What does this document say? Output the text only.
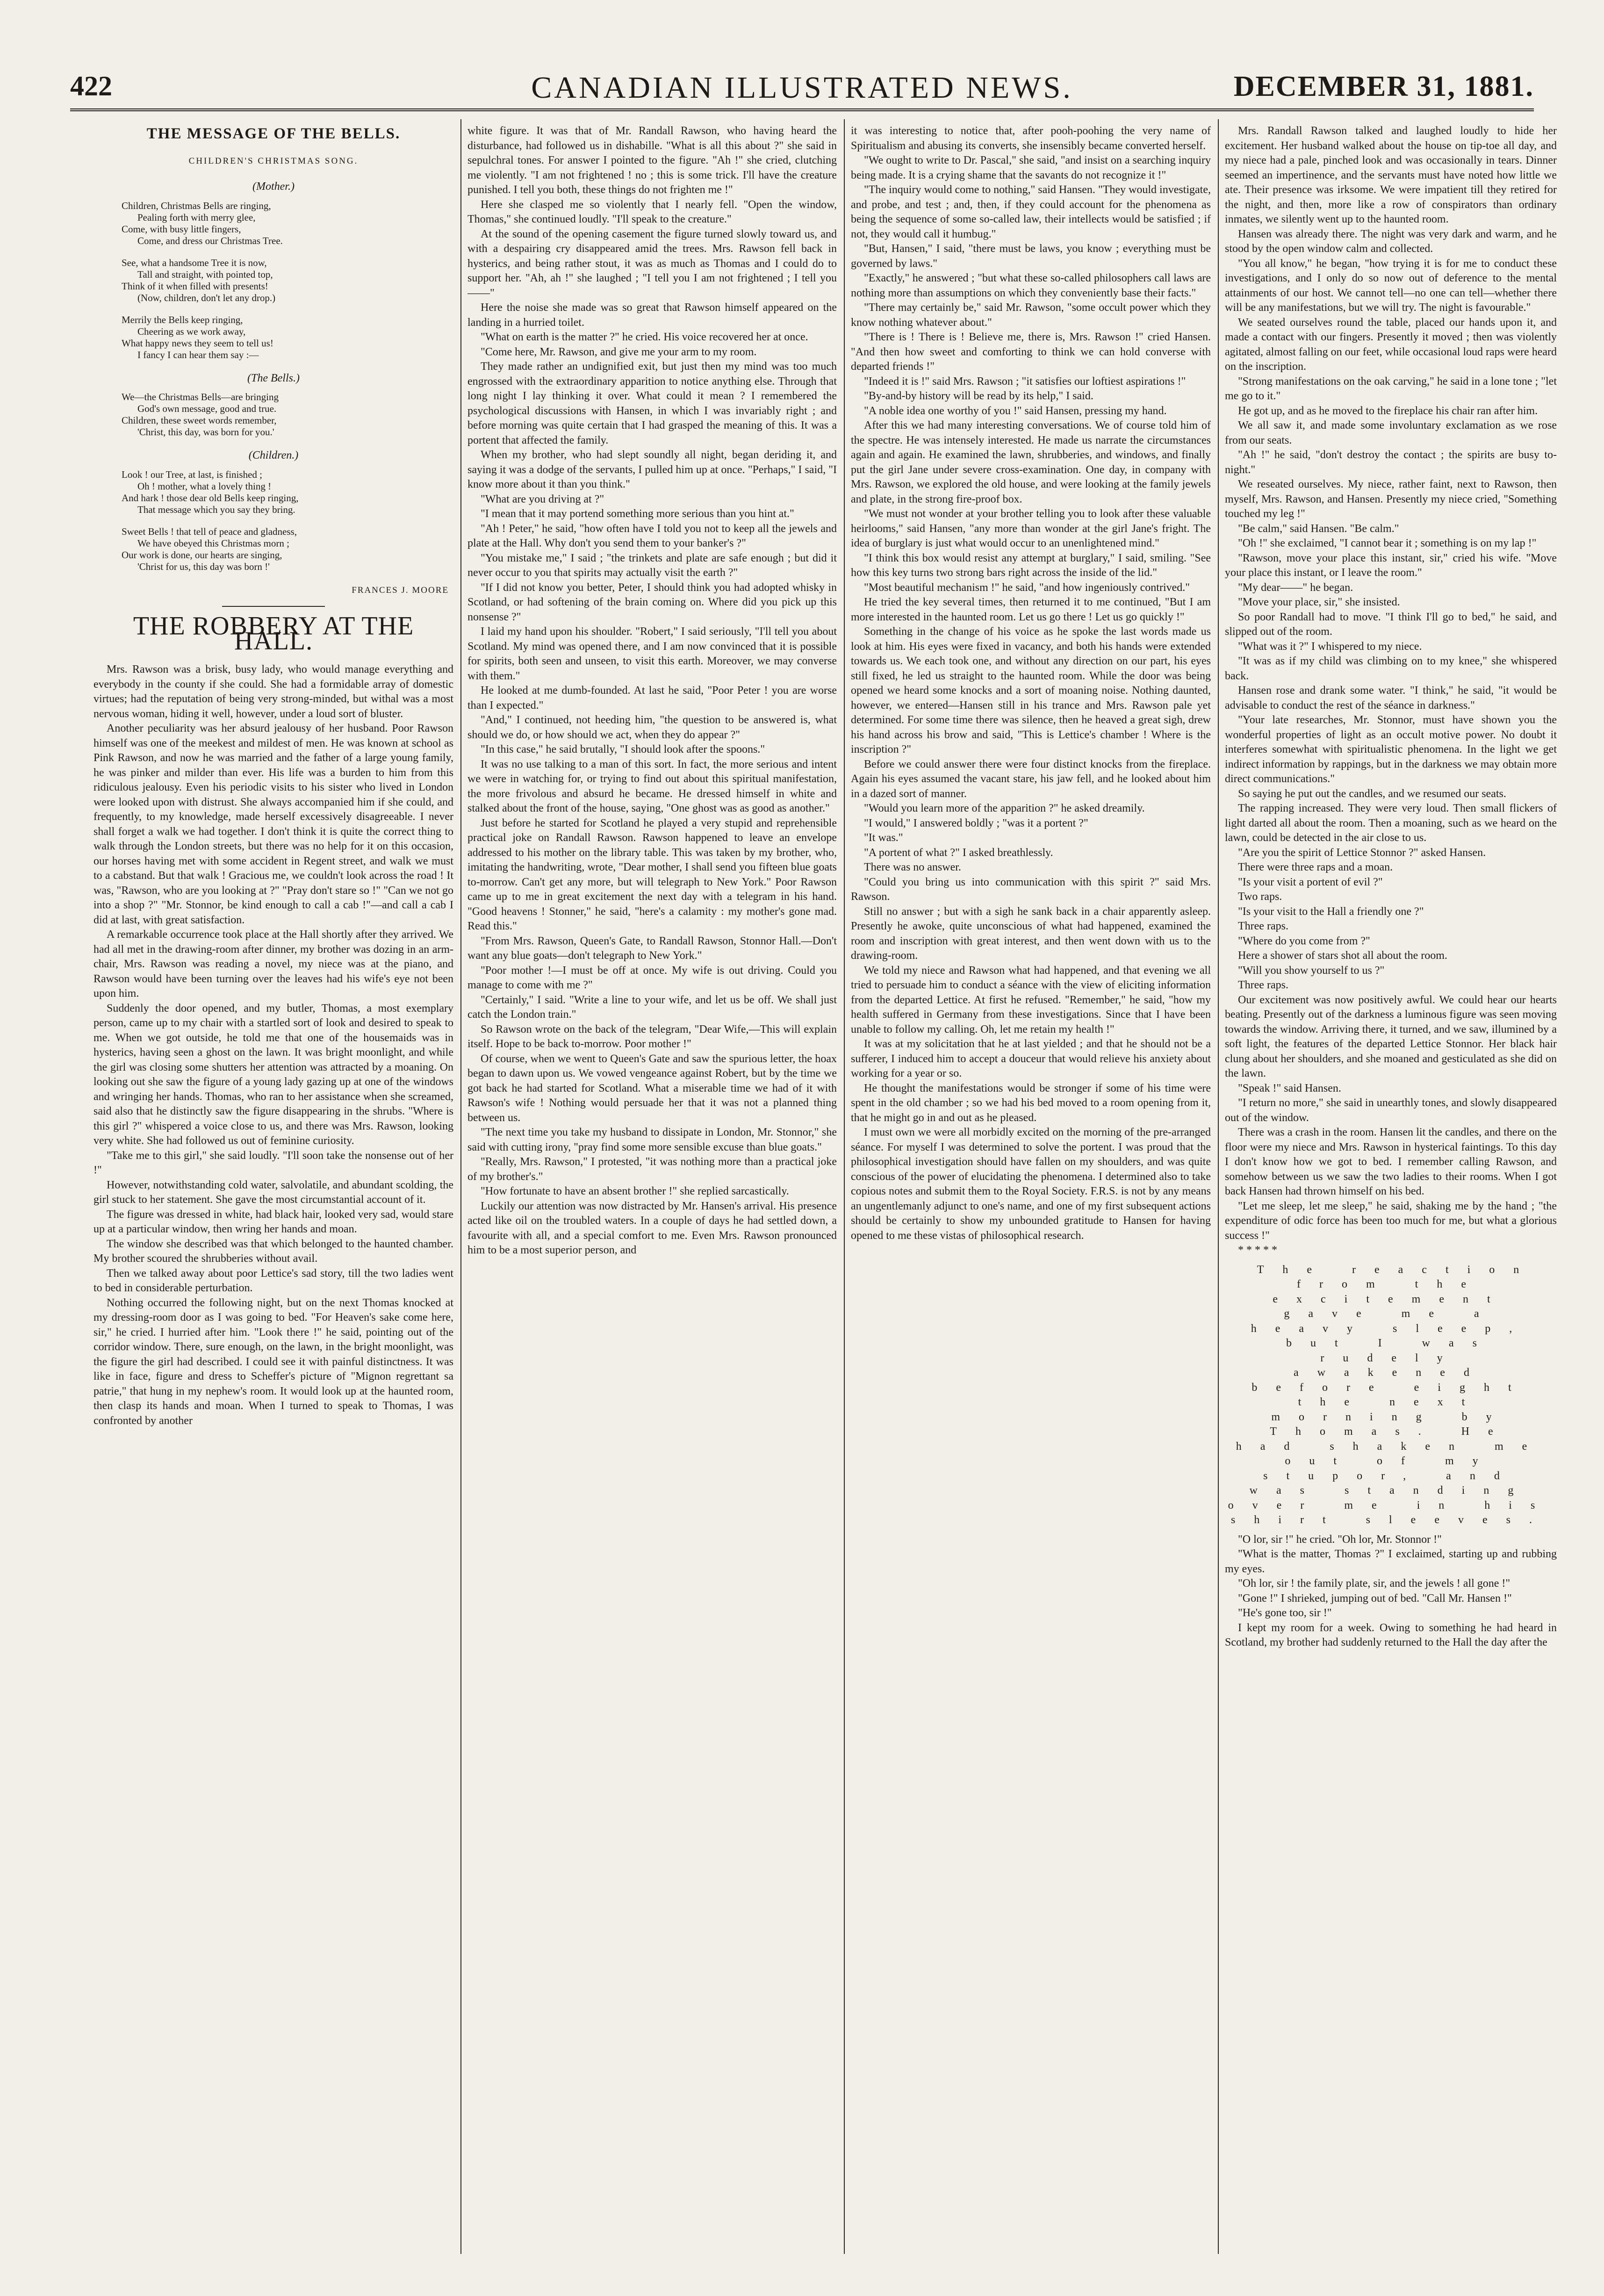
422	CANADIAN ILLUSTRATED NEWS.	DECEMBER 31, 1881.
THE MESSAGE OF THE BELLS.
CHILDREN'S CHRISTMAS SONG.
(Mother.)
Children, Christmas Bells are ringing,
Pealing forth with merry glee,
Come, with busy little fingers,
Come, and dress our Christmas Tree.
See, what a handsome Tree it is now,
Tall and straight, with pointed top,
Think of it when filled with presents!
(Now, children, don't let any drop.)
Merrily the Bells keep ringing,
Cheering as we work away,
What happy news they seem to tell us!
I fancy I can hear them say :—
(The Bells.)
We—the Christmas Bells—are bringing
God's own message, good and true.
Children, these sweet words remember,
'Christ, this day, was born for you.'
(Children.)
Look ! our Tree, at last, is finished ;
Oh ! mother, what a lovely thing !
And hark ! those dear old Bells keep ringing,
That message which you say they bring.
Sweet Bells ! that tell of peace and gladness,
We have obeyed this Christmas morn ;
Our work is done, our hearts are singing,
'Christ for us, this day was born !'
FRANCES J. MOORE
THE ROBBERY AT THE HALL.

Mrs. Rawson was a brisk, busy lady, who would manage everything and everybody in the county if she could. She had a formidable array of domestic virtues; had the reputation of being very strong-minded, but withal was a most nervous woman, hiding it well, however, under a loud sort of bluster.

Another peculiarity was her absurd jealousy of her husband. Poor Rawson himself was one of the meekest and mildest of men. He was known at school as Pink Rawson, and now he was married and the father of a large young family, he was pinker and milder than ever. His life was a burden to him from this ridiculous jealousy. Even his periodic visits to his sister who lived in London were looked upon with distrust. She always accompanied him if she could, and frequently, to my knowledge, made herself excessively disagreeable. I never shall forget a walk we had together. I don't think it is quite the correct thing to walk through the London streets, but there was no help for it on this occasion, our horses having met with some accident in Regent street, and walk we must to a cabstand. But that walk ! Gracious me, we couldn't look across the road ! It was, "Rawson, who are you looking at ?" "Pray don't stare so !" "Can we not go into a shop ?" "Mr. Stonnor, be kind enough to call a cab !"—and call a cab I did at last, with great satisfaction.

A remarkable occurrence took place at the Hall shortly after they arrived. We had all met in the drawing-room after dinner, my brother was dozing in an arm-chair, Mrs. Rawson was reading a novel, my niece was at the piano, and Rawson would have been turning over the leaves had his wife's eye not been upon him.

Suddenly the door opened, and my butler, Thomas, a most exemplary person, came up to my chair with a startled sort of look and desired to speak to me. When we got outside, he told me that one of the housemaids was in hysterics, having seen a ghost on the lawn. It was bright moonlight, and while the girl was closing some shutters her attention was attracted by a moaning. On looking out she saw the figure of a young lady gazing up at one of the windows and wringing her hands. Thomas, who ran to her assistance when she screamed, said also that he distinctly saw the figure disappearing in the shrubs. "Where is this girl ?" whispered a voice close to us, and there was Mrs. Rawson, looking very white. She had followed us out of feminine curiosity.

"Take me to this girl," she said loudly. "I'll soon take the nonsense out of her !"

However, notwithstanding cold water, salvolatile, and abundant scolding, the girl stuck to her statement. She gave the most circumstantial account of it.

The figure was dressed in white, had black hair, looked very sad, would stare up at a particular window, then wring her hands and moan.

The window she described was that which belonged to the haunted chamber. My brother scoured the shrubberies without avail.

Then we talked away about poor Lettice's sad story, till the two ladies went to bed in considerable perturbation.

Nothing occurred the following night, but on the next Thomas knocked at my dressing-room door as I was going to bed. "For Heaven's sake come here, sir," he cried. I hurried after him. "Look there !" he said, pointing out of the corridor window. There, sure enough, on the lawn, in the bright moonlight, was the figure the girl had described. I could see it with painful distinctness. It was like in face, figure and dress to Scheffer's picture of "Mignon regrettant sa patrie," that hung in my nephew's room. It would look up at the haunted room, then clasp its hands and moan. When I turned to speak to Thomas, I was confronted by another

white figure. It was that of Mr. Randall Rawson, who having heard the disturbance, had followed us in dishabille. "What is all this about ?" she said in sepulchral tones. For answer I pointed to the figure. "Ah !" she cried, clutching me violently. "I am not frightened ! no ; this is some trick. I'll have the creature punished. I tell you both, these things do not frighten me !"

Here she clasped me so violently that I nearly fell. "Open the window, Thomas," she continued loudly. "I'll speak to the creature."

At the sound of the opening casement the figure turned slowly toward us, and with a despairing cry disappeared amid the trees. Mrs. Rawson fell back in hysterics, and being rather stout, it was as much as Thomas and I could do to support her. "Ah, ah !" she laughed ; "I tell you I am not frightened ; I tell you ——"

Here the noise she made was so great that Rawson himself appeared on the landing in a hurried toilet.

"What on earth is the matter ?" he cried. His voice recovered her at once.

"Come here, Mr. Rawson, and give me your arm to my room.

They made rather an undignified exit, but just then my mind was too much engrossed with the extraordinary apparition to notice anything else. Through that long night I lay thinking it over. What could it mean ? I remembered the psychological discussions with Hansen, in which I was invariably right ; and before morning was quite certain that I had grasped the meaning of this. It was a portent that affected the family.

When my brother, who had slept soundly all night, began deriding it, and saying it was a dodge of the servants, I pulled him up at once. "Perhaps," I said, "I know more about it than you think."

"What are you driving at ?"

"I mean that it may portend something more serious than you hint at."

"Ah ! Peter," he said, "how often have I told you not to keep all the jewels and plate at the Hall. Why don't you send them to your banker's ?"

"You mistake me," I said ; "the trinkets and plate are safe enough ; but did it never occur to you that spirits may actually visit the earth ?"

"If I did not know you better, Peter, I should think you had adopted whisky in Scotland, or had softening of the brain coming on. Where did you pick up this nonsense ?"

I laid my hand upon his shoulder. "Robert," I said seriously, "I'll tell you about Scotland. My mind was opened there, and I am now convinced that it is possible for spirits, both seen and unseen, to visit this earth. Moreover, we may converse with them."

He looked at me dumb-founded. At last he said, "Poor Peter ! you are worse than I expected."

"And," I continued, not heeding him, "the question to be answered is, what should we do, or how should we act, when they do appear ?"

"In this case," he said brutally, "I should look after the spoons."

It was no use talking to a man of this sort. In fact, the more serious and intent we were in watching for, or trying to find out about this spiritual manifestation, the more frivolous and absurd he became. He dressed himself in white and stalked about the front of the house, saying, "One ghost was as good as another."

Just before he started for Scotland he played a very stupid and reprehensible practical joke on Randall Rawson. Rawson happened to leave an envelope addressed to his mother on the library table. This was taken by my brother, who, imitating the handwriting, wrote, "Dear mother, I shall send you fifteen blue goats to-morrow. Can't get any more, but will telegraph to New York." Poor Rawson came up to me in great excitement the next day with a telegram in his hand. "Good heavens ! Stonner," he said, "here's a calamity : my mother's gone mad. Read this."

"From Mrs. Rawson, Queen's Gate, to Randall Rawson, Stonnor Hall.—Don't want any blue goats—don't telegraph to New York."

"Poor mother !—I must be off at once. My wife is out driving. Could you manage to come with me ?"

"Certainly," I said. "Write a line to your wife, and let us be off. We shall just catch the London train."

So Rawson wrote on the back of the telegram, "Dear Wife,—This will explain itself. Hope to be back to-morrow. Poor mother !"

Of course, when we went to Queen's Gate and saw the spurious letter, the hoax began to dawn upon us. We vowed vengeance against Robert, but by the time we got back he had started for Scotland. What a miserable time we had of it with Rawson's wife ! Nothing would persuade her that it was not a planned thing between us.

"The next time you take my husband to dissipate in London, Mr. Stonnor," she said with cutting irony, "pray find some more sensible excuse than blue goats."

"Really, Mrs. Rawson," I protested, "it was nothing more than a practical joke of my brother's."

"How fortunate to have an absent brother !" she replied sarcastically.

Luckily our attention was now distracted by Mr. Hansen's arrival. His presence acted like oil on the troubled waters. In a couple of days he had settled down, a favourite with all, and a special comfort to me. Even Mrs. Rawson pronounced him to be a most superior person, and

it was interesting to notice that, after pooh-poohing the very name of Spiritualism and abusing its converts, she insensibly became converted herself.

"We ought to write to Dr. Pascal," she said, "and insist on a searching inquiry being made. It is a crying shame that the savants do not recognize it !"

"The inquiry would come to nothing," said Hansen. "They would investigate, and probe, and test ; and, then, if they could account for the phenomena as being the sequence of some so-called law, their intellects would be satisfied ; if not, they would call it humbug."

"But, Hansen," I said, "there must be laws, you know ; everything must be governed by laws."

"Exactly," he answered ; "but what these so-called philosophers call laws are nothing more than assumptions on which they conveniently base their facts."

"There may certainly be," said Mr. Rawson, "some occult power which they know nothing whatever about."

"There is ! There is ! Believe me, there is, Mrs. Rawson !" cried Hansen. "And then how sweet and comforting to think we can hold converse with departed friends !"

"Indeed it is !" said Mrs. Rawson ; "it satisfies our loftiest aspirations !"

"By-and-by history will be read by its help," I said.

"A noble idea one worthy of you !" said Hansen, pressing my hand.

After this we had many interesting conversations. We of course told him of the spectre. He was intensely interested. He made us narrate the circumstances again and again. He examined the lawn, shrubberies, and windows, and finally put the girl Jane under severe cross-examination. One day, in company with Mrs. Rawson, we explored the old house, and were looking at the family jewels and plate, in the strong fire-proof box.

"We must not wonder at your brother telling you to look after these valuable heirlooms," said Hansen, "any more than wonder at the girl Jane's fright. The idea of burglary is just what would occur to an unenlightened mind."

"I think this box would resist any attempt at burglary," I said, smiling. "See how this key turns two strong bars right across the inside of the lid."

"Most beautiful mechanism !" he said, "and how ingeniously contrived."

He tried the key several times, then returned it to me continued, "But I am more interested in the haunted room. Let us go there ! Let us go quickly !"

Something in the change of his voice as he spoke the last words made us look at him. His eyes were fixed in vacancy, and both his hands were extended towards us. We each took one, and without any direction on our part, his eyes still fixed, he led us straight to the haunted room. While the door was being opened we heard some knocks and a sort of moaning noise. Nothing daunted, however, we entered—Hansen still in his trance and Mrs. Rawson pale yet determined. For some time there was silence, then he heaved a great sigh, drew his hand across his brow and said, "This is Lettice's chamber ! Where is the inscription ?"

Before we could answer there were four distinct knocks from the fireplace. Again his eyes assumed the vacant stare, his jaw fell, and he looked about him in a dazed sort of manner.

"Would you learn more of the apparition ?" he asked dreamily.

"I would," I answered boldly ; "was it a portent ?"

"It was."

"A portent of what ?" I asked breathlessly.

There was no answer.

"Could you bring us into communication with this spirit ?" said Mrs. Rawson.

Still no answer ; but with a sigh he sank back in a chair apparently asleep. Presently he awoke, quite unconscious of what had happened, examined the room and inscription with great interest, and then went down with us to the drawing-room.

We told my niece and Rawson what had happened, and that evening we all tried to persuade him to conduct a séance with the view of eliciting information from the departed Lettice. At first he refused. "Remember," he said, "how my health suffered in Germany from these investigations. Since that I have been unable to follow my calling. Oh, let me retain my health !"

It was at my solicitation that he at last yielded ; and that he should not be a sufferer, I induced him to accept a douceur that would relieve his anxiety about working for a year or so.

He thought the manifestations would be stronger if some of his time were spent in the old chamber ; so we had his bed moved to a room opening from it, that he might go in and out as he pleased.

I must own we were all morbidly excited on the morning of the pre-arranged séance. For myself I was determined to solve the portent. I was proud that the philosophical investigation should have fallen on my shoulders, and was quite conscious of the power of elucidating the phenomena. I determined also to take copious notes and submit them to the Royal Society. F.R.S. is not by any means an ungentlemanly adjunct to one's name, and one of my first subsequent actions should be certainly to show my unbounded gratitude to Hansen for having opened to me these vistas of philosophical research.

Mrs. Randall Rawson talked and laughed loudly to hide her excitement. Her husband walked about the house on tip-toe all day, and my niece had a pale, pinched look and was occasionally in tears. Dinner seemed an impertinence, and the servants must have noted how little we ate. Their presence was irksome. We were impatient till they retired for the night, and then, more like a row of conspirators than ordinary inmates, we silently went up to the haunted room.

Hansen was already there. The night was very dark and warm, and he stood by the open window calm and collected.

"You all know," he began, "how trying it is for me to conduct these investigations, and I only do so now out of deference to the mental attainments of our host. We cannot tell—no one can tell—whether there will be any manifestations, but we will try. The night is favourable."

We seated ourselves round the table, placed our hands upon it, and made a contact with our fingers. Presently it moved ; then was violently agitated, almost falling on our feet, while occasional loud raps were heard on the inscription.

"Strong manifestations on the oak carving," he said in a lone tone ; "let me go to it."

He got up, and as he moved to the fireplace his chair ran after him.

We all saw it, and made some involuntary exclamation as we rose from our seats.

"Ah !" he said, "don't destroy the contact ; the spirits are busy to-night."

We reseated ourselves. My niece, rather faint, next to Rawson, then myself, Mrs. Rawson, and Hansen. Presently my niece cried, "Something touched my leg !"

"Be calm," said Hansen. "Be calm."

"Oh !" she exclaimed, "I cannot bear it ; something is on my lap !"

"Rawson, move your place this instant, sir," cried his wife. "Move your place this instant, or I leave the room."

"My dear——" he began.

"Move your place, sir," she insisted.

So poor Randall had to move. "I think I'll go to bed," he said, and slipped out of the room.

"What was it ?" I whispered to my niece.

"It was as if my child was climbing on to my knee," she whispered back.

Hansen rose and drank some water. "I think," he said, "it would be advisable to conduct the rest of the séance in darkness."

"Your late researches, Mr. Stonnor, must have shown you the wonderful properties of light as an occult motive power. No doubt it interferes somewhat with spiritualistic phenomena. In the light we get indirect information by rappings, but in the darkness we may obtain more direct communications."

So saying he put out the candles, and we resumed our seats.

The rapping increased. They were very loud. Then small flickers of light darted all about the room. Then a moaning, such as we heard on the lawn, could be detected in the air close to us.

"Are you the spirit of Lettice Stonnor ?" asked Hansen.

There were three raps and a moan.

"Is your visit a portent of evil ?"

Two raps.

"Is your visit to the Hall a friendly one ?"

Three raps.

"Where do you come from ?"

Here a shower of stars shot all about the room.

"Will you show yourself to us ?"

Three raps.

Our excitement was now positively awful. We could hear our hearts beating. Presently out of the darkness a luminous figure was seen moving towards the window. Arriving there, it turned, and we saw, illumined by a soft light, the features of the departed Lettice Stonnor. Her black hair clung about her shoulders, and she moaned and gesticulated as she did on the lawn.

"Speak !" said Hansen.

"I return no more," she said in unearthly tones, and slowly disappeared out of the window.

There was a crash in the room. Hansen lit the candles, and there on the floor were my niece and Mrs. Rawson in hysterical faintings. To this day I don't know how we got to bed. I remember calling Rawson, and somehow between us we saw the two ladies to their rooms. When I got back Hansen had thrown himself on his bed.

"Let me sleep, let me sleep," he said, shaking me by the hand ; "the expenditure of odic force has been too much for me, but what a glorious success !"

* * * * *

The reaction from the excitement gave me a heavy sleep, but I was rudely awakened before eight the next morning by Thomas. He had shaken me out of my stupor, and was standing over me in his shirt sleeves.

"O lor, sir !" he cried. "Oh lor, Mr. Stonnor !"

"What is the matter, Thomas ?" I exclaimed, starting up and rubbing my eyes.

"Oh lor, sir ! the family plate, sir, and the jewels ! all gone !"

"Gone !" I shrieked, jumping out of bed. "Call Mr. Hansen !"

"He's gone too, sir !"

I kept my room for a week. Owing to something he had heard in Scotland, my brother had suddenly returned to the Hall the day after the
